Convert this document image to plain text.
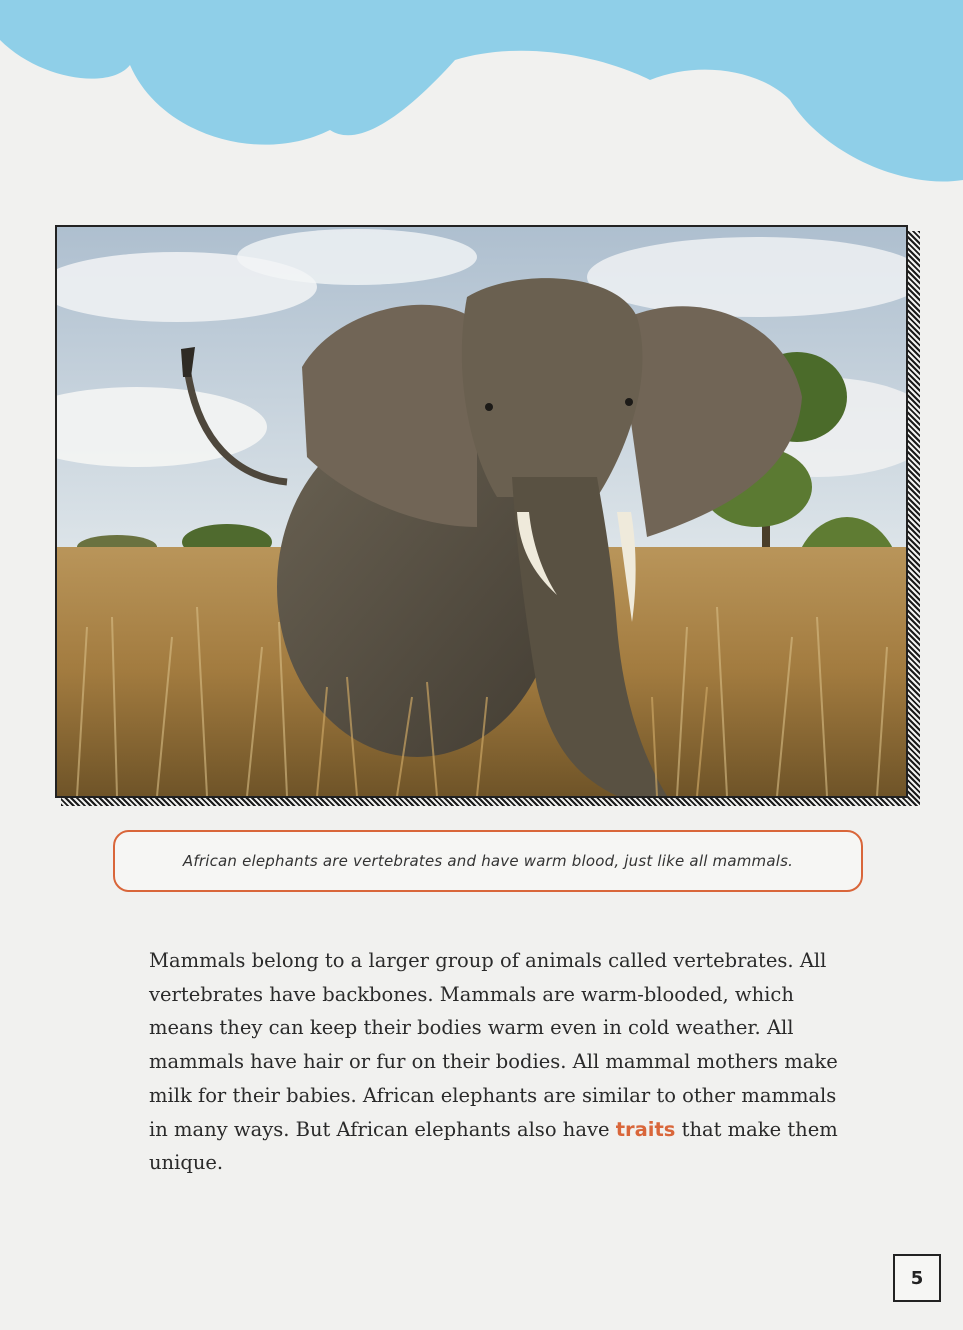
African elephants are vertebrates and have warm blood, just like all mammals.

Mammals belong to a larger group of animals called vertebrates. All vertebrates have backbones. Mammals are warm-blooded, which means they can keep their bodies warm even in cold weather. All mammals have hair or fur on their bodies. All mammal mothers make milk for their babies. African elephants are similar to other mammals in many ways. But African elephants also have traits that make them unique.

5
